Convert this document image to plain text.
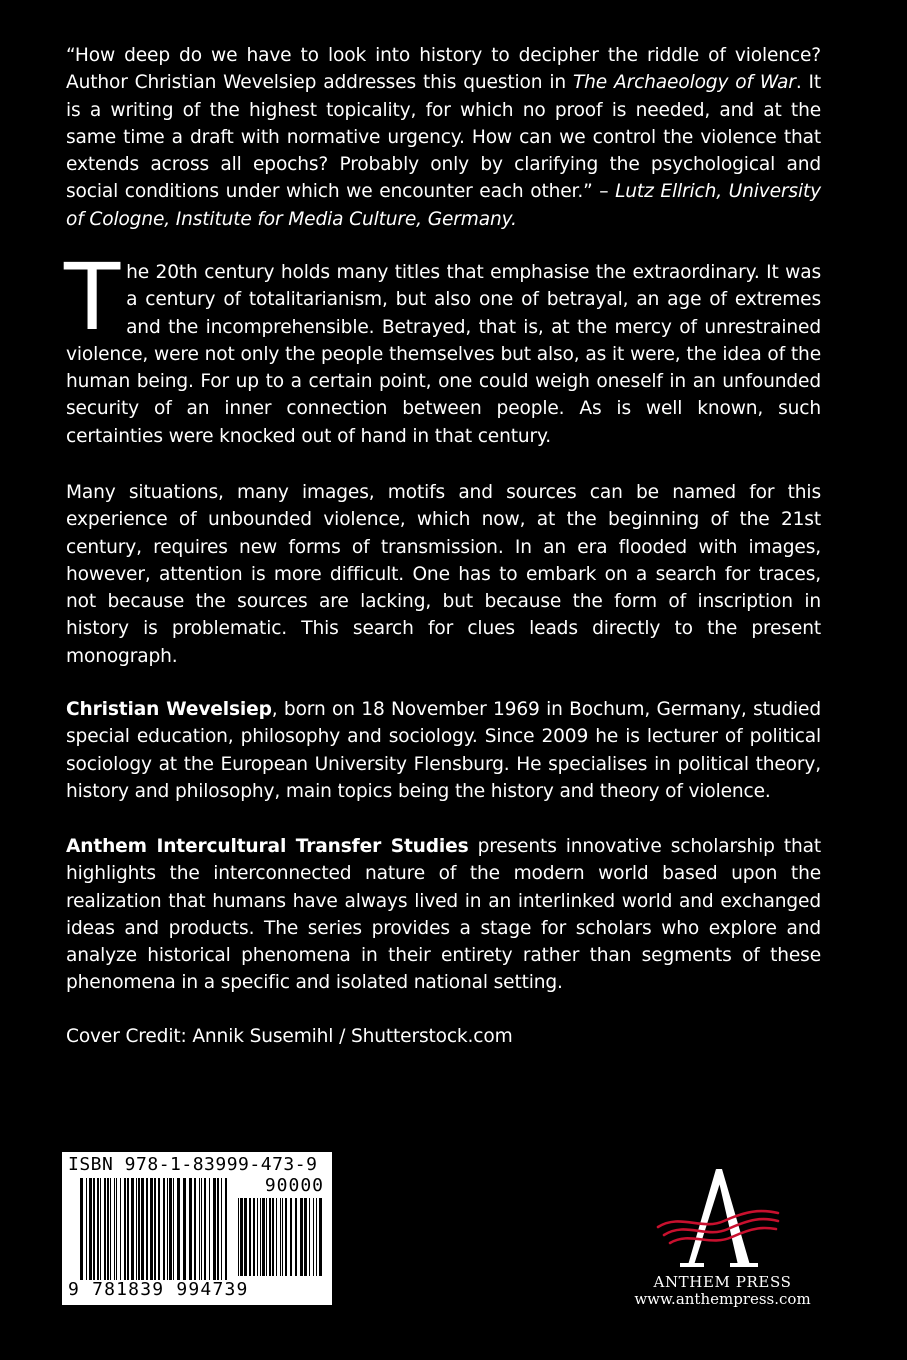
“How deep do we have to look into history to decipher the riddle of violence? Author Christian Wevelsiep addresses this question in The Archaeology of War. It is a writing of the highest topicality, for which no proof is needed, and at the same time a draft with normative urgency. How can we control the violence that extends across all epochs? Probably only by clarifying the psychological and social conditions under which we encounter each other.” – Lutz Ellrich, University of Cologne, Institute for Media Culture, Germany.
The 20th century holds many titles that emphasise the extraordinary. It was a century of totalitarianism, but also one of betrayal, an age of extremes and the incomprehensible. Betrayed, that is, at the mercy of unrestrained violence, were not only the people themselves but also, as it were, the idea of the human being. For up to a certain point, one could weigh oneself in an unfounded security of an inner connection between people. As is well known, such certainties were knocked out of hand in that century.
Many situations, many images, motifs and sources can be named for this experience of unbounded violence, which now, at the beginning of the 21st century, requires new forms of transmission. In an era flooded with images, however, attention is more difficult. One has to embark on a search for traces, not because the sources are lacking, but because the form of inscription in history is problematic. This search for clues leads directly to the present monograph.
Christian Wevelsiep, born on 18 November 1969 in Bochum, Germany, studied special education, philosophy and sociology. Since 2009 he is lecturer of political sociology at the European University Flensburg. He specialises in political theory, history and philosophy, main topics being the history and theory of violence.
Anthem Intercultural Transfer Studies presents innovative scholarship that highlights the interconnected nature of the modern world based upon the realization that humans have always lived in an interlinked world and exchanged ideas and products. The series provides a stage for scholars who explore and analyze historical phenomena in their entirety rather than segments of these phenomena in a specific and isolated national setting.
Cover Credit: Annik Susemihl / Shutterstock.com
ISBN 978-1-83999-473-9
90000
9 781839 994739	ANTHEM PRESS
www.anthempress.com
